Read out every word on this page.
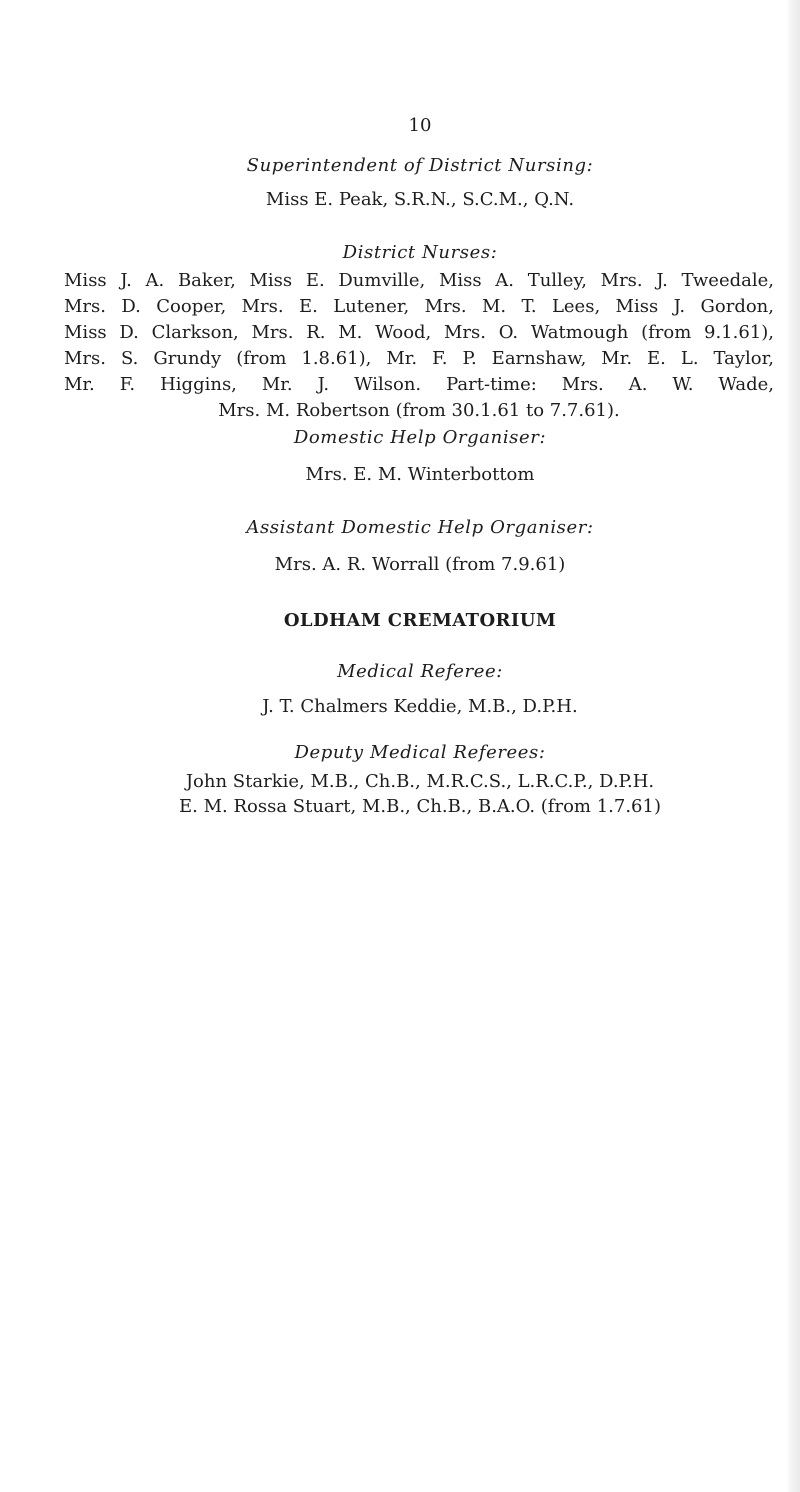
10
Superintendent of District Nursing:
Miss E. Peak, S.R.N., S.C.M., Q.N.
District Nurses:
Miss J. A. Baker, Miss E. Dumville, Miss A. Tulley, Mrs. J. Tweedale,
Mrs. D. Cooper, Mrs. E. Lutener, Mrs. M. T. Lees, Miss J. Gordon,
Miss D. Clarkson, Mrs. R. M. Wood, Mrs. O. Watmough (from 9.1.61),
Mrs. S. Grundy (from 1.8.61), Mr. F. P. Earnshaw, Mr. E. L. Taylor,
Mr. F. Higgins, Mr. J. Wilson. Part-time: Mrs. A. W. Wade,
Mrs. M. Robertson (from 30.1.61 to 7.7.61).
Domestic Help Organiser:
Mrs. E. M. Winterbottom
Assistant Domestic Help Organiser:
Mrs. A. R. Worrall (from 7.9.61)
OLDHAM CREMATORIUM
Medical Referee:
J. T. Chalmers Keddie, M.B., D.P.H.
Deputy Medical Referees:
John Starkie, M.B., Ch.B., M.R.C.S., L.R.C.P., D.P.H.
E. M. Rossa Stuart, M.B., Ch.B., B.A.O. (from 1.7.61)
